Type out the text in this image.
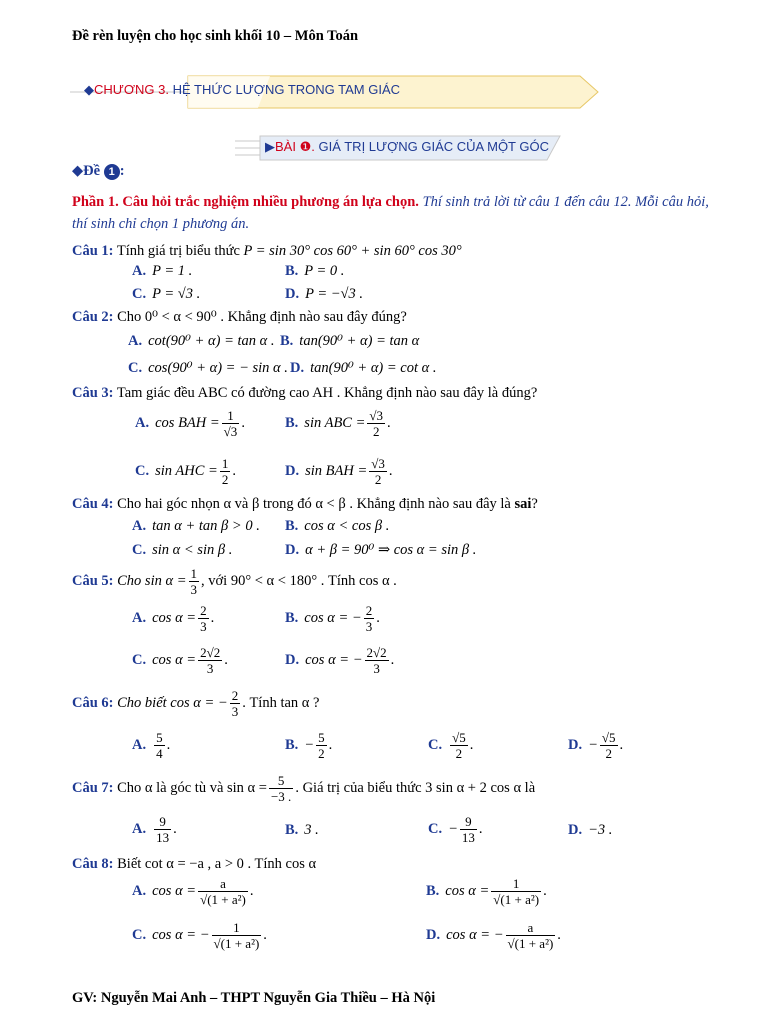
Đề rèn luyện cho học sinh khối 10 – Môn Toán
◆CHƯƠNG 3. HỆ THỨC LƯỢNG TRONG TAM GIÁC
▶BÀI ❶. GIÁ TRỊ LƯỢNG GIÁC CỦA MỘT GÓC
◆Đề 1 :
Phần 1. Câu hỏi trắc nghiệm nhiều phương án lựa chọn. Thí sinh trả lời từ câu 1 đến câu 12. Mỗi câu hỏi, thí sinh chỉ chọn 1 phương án.
Câu 1: Tính giá trị biểu thức P = sin 30° cos 60° + sin 60° cos 30°
A. P = 1 .	B. P = 0 .
C. P = √3 .	D. P = −√3 .
Câu 2: Cho 0⁰ < α < 90⁰ . Khẳng định nào sau đây đúng?
A. cot(90⁰ + α) = tan α . B. tan(90⁰ + α) = tan α
C. cos(90⁰ + α) = − sin α . D. tan(90⁰ + α) = cot α .
Câu 3: Tam giác đều ABC có đường cao AH . Khẳng định nào sau đây là đúng?
A. cos BAH = $\frac{1}{√3}$ .	B. sin ABC = $\frac{√3}{2}$ .
C. sin AHC = $\frac{1}{2}$ .	D. sin BAH = $\frac{√3}{2}$ .
Câu 4: Cho hai góc nhọn α và β trong đó α < β . Khẳng định nào sau đây là sai?
A. tan α + tan β > 0 . B. cos α < cos β .
C. sin α < sin β .	D. α + β = 90⁰ ⇒ cos α = sin β .
Câu 5: Cho $\sin \alpha = \frac{1}{3}$ , với 90° < α < 180° . Tính cos α .
A. $\cos \alpha = \frac{2}{3}$ .	B. cos α = − $\frac{2}{3}$ .
C. $\cos \alpha = \frac{2√2}{3}$ .	D. cos α = − $\frac{2√2}{3}$ .
Câu 6: Cho biết cos α = − $\frac{2}{3}$ . Tính tan α ?
A. $\frac{5}{4}$ .	B. − $\frac{5}{2}$ .	C. $\frac{√5}{2}$ .	D. − $\frac{√5}{2}$ .
Câu 7: Cho α là góc tù và $\sin \alpha = \frac{5}{-3 .}$ . Giá trị của biểu thức 3 sin α + 2 cos α là
A. $\frac{9}{13}$ .	B. 3 .	C. − $\frac{9}{13}$ .	D. −3 .
Câu 8: Biết cot α = −a , a > 0 . Tính cos α
A. $\cos \alpha = \frac{a}{\text{√(1 + a²)}}$ .	B. $\cos \alpha = \frac{1}{\text{√(1 + a²)}}$ .
C. cos α = − $\frac{1}{\text{√(1 + a²)}}$ .	D. cos α = − $\frac{a}{\text{√(1 + a²)}}$ .
GV: Nguyễn Mai Anh – THPT Nguyễn Gia Thiều – Hà Nội
